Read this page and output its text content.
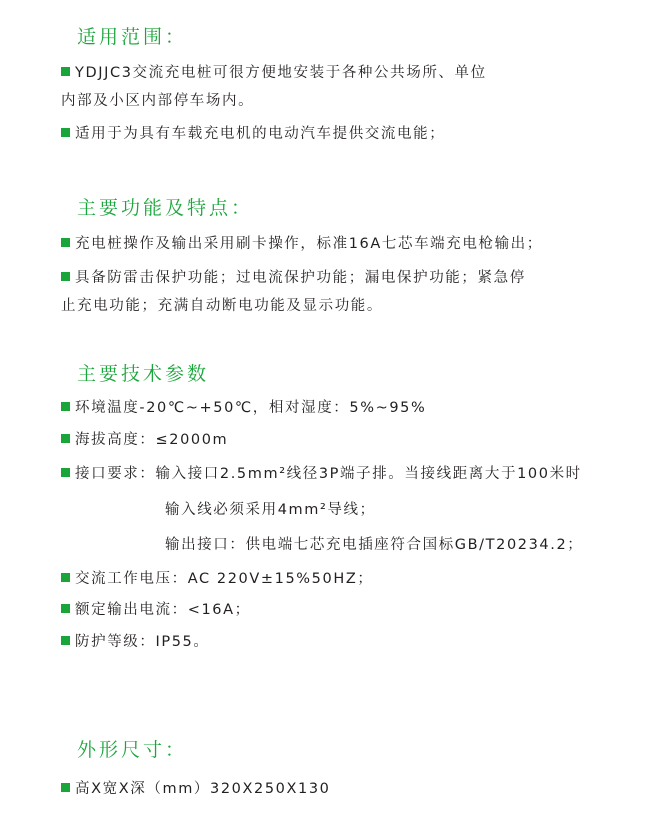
适用范围：
YDJJC3交流充电桩可很方便地安装于各种公共场所、单位
内部及小区内部停车场内。
适用于为具有车载充电机的电动汽车提供交流电能；
主要功能及特点：
充电桩操作及输出采用刷卡操作，标准16A七芯车端充电枪输出；
具备防雷击保护功能；过电流保护功能；漏电保护功能；紧急停
止充电功能；充满自动断电功能及显示功能。
主要技术参数
环境温度-20℃~+50℃，相对湿度：5%~95%
海拔高度：≤2000m
接口要求：输入接口2.5mm²线径3P端子排。当接线距离大于100米时
输入线必须采用4mm²导线；
输出接口：供电端七芯充电插座符合国标GB/T20234.2；
交流工作电压：AC 220V±15%50HZ；
额定输出电流：<16A；
防护等级：IP55。
外形尺寸：
高X宽X深（mm）320X250X130
